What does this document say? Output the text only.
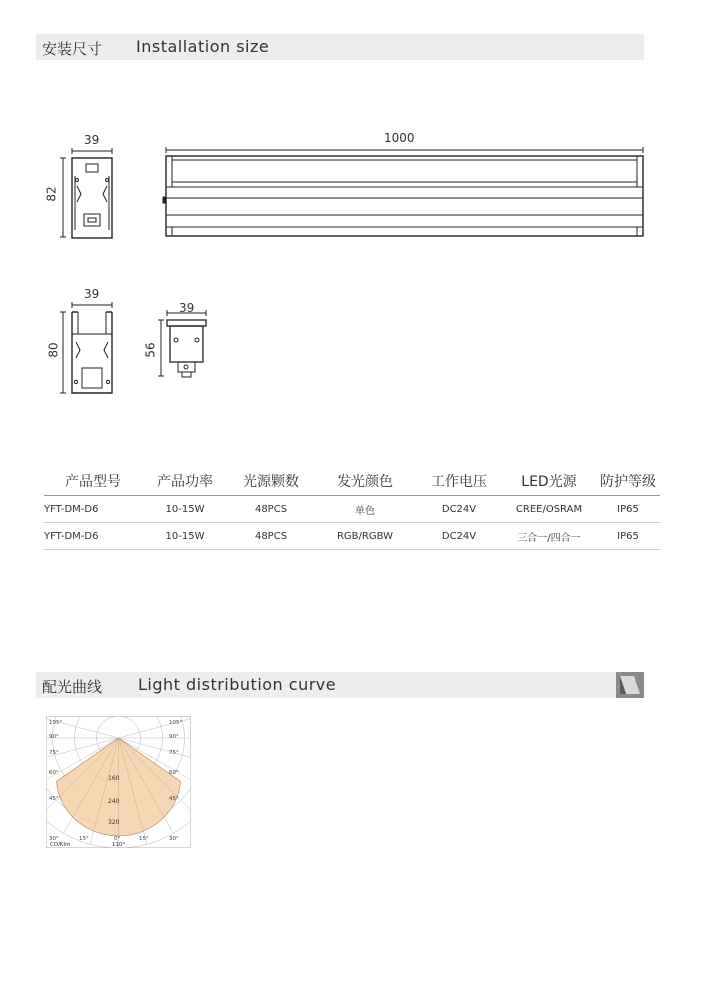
安装尺寸 Installation size
39
82
1000
39
80
39
56
产品型号	产品功率	光源颗数	发光颜色	工作电压	LED光源	防护等级
YFT-DM-D6	10-15W	48PCS	单色	DC24V	CREE/OSRAM	IP65
YFT-DM-D6	10-15W	48PCS	RGB/RGBW	DC24V	三合一/四合一	IP65
配光曲线 Light distribution curve
105°
90°
75°
60°
45°
30°
105°
90°
75°
60°
45°
30°
15°	0°	15°
160
240
320
CD/Klm	110°
